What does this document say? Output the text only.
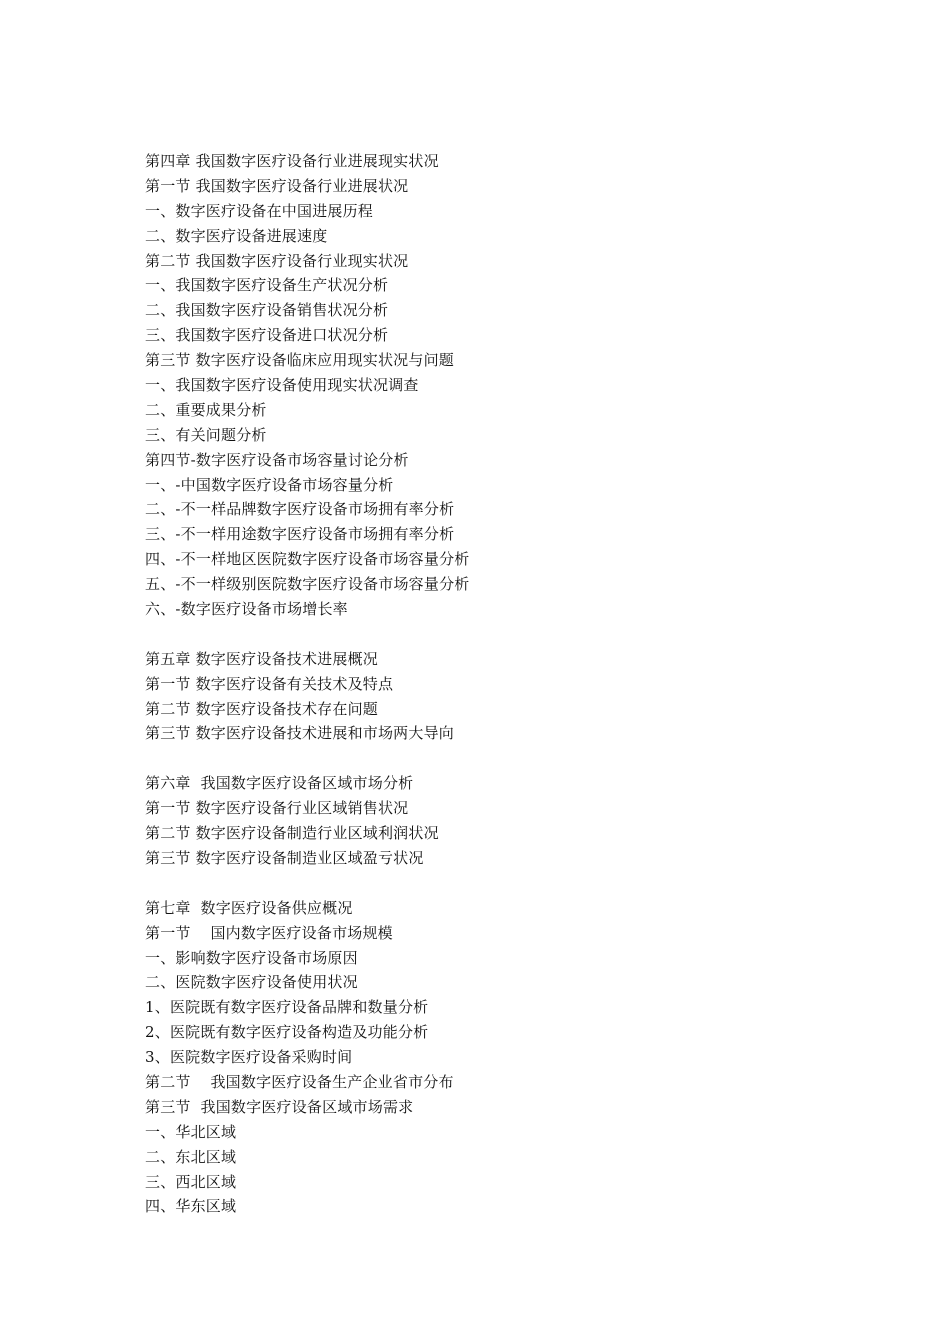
第四章 我国数字医疗设备行业进展现实状况
第一节 我国数字医疗设备行业进展状况
一、数字医疗设备在中国进展历程
二、数字医疗设备进展速度
第二节 我国数字医疗设备行业现实状况
一、我国数字医疗设备生产状况分析
二、我国数字医疗设备销售状况分析
三、我国数字医疗设备进口状况分析
第三节 数字医疗设备临床应用现实状况与问题
一、我国数字医疗设备使用现实状况调查
二、重要成果分析
三、有关问题分析
第四节-数字医疗设备市场容量讨论分析
一、-中国数字医疗设备市场容量分析
二、-不一样品牌数字医疗设备市场拥有率分析
三、-不一样用途数字医疗设备市场拥有率分析
四、-不一样地区医院数字医疗设备市场容量分析
五、-不一样级别医院数字医疗设备市场容量分析
六、-数字医疗设备市场增长率
第五章 数字医疗设备技术进展概况
第一节 数字医疗设备有关技术及特点
第二节 数字医疗设备技术存在问题
第三节 数字医疗设备技术进展和市场两大导向
第六章  我国数字医疗设备区域市场分析
第一节 数字医疗设备行业区域销售状况
第二节 数字医疗设备制造行业区域利润状况
第三节 数字医疗设备制造业区域盈亏状况
第七章  数字医疗设备供应概况
第一节    国内数字医疗设备市场规模
一、影响数字医疗设备市场原因
二、医院数字医疗设备使用状况
1、医院既有数字医疗设备品牌和数量分析
2、医院既有数字医疗设备构造及功能分析
3、医院数字医疗设备采购时间
第二节    我国数字医疗设备生产企业省市分布
第三节  我国数字医疗设备区域市场需求
一、华北区域
二、东北区域
三、西北区域
四、华东区域
